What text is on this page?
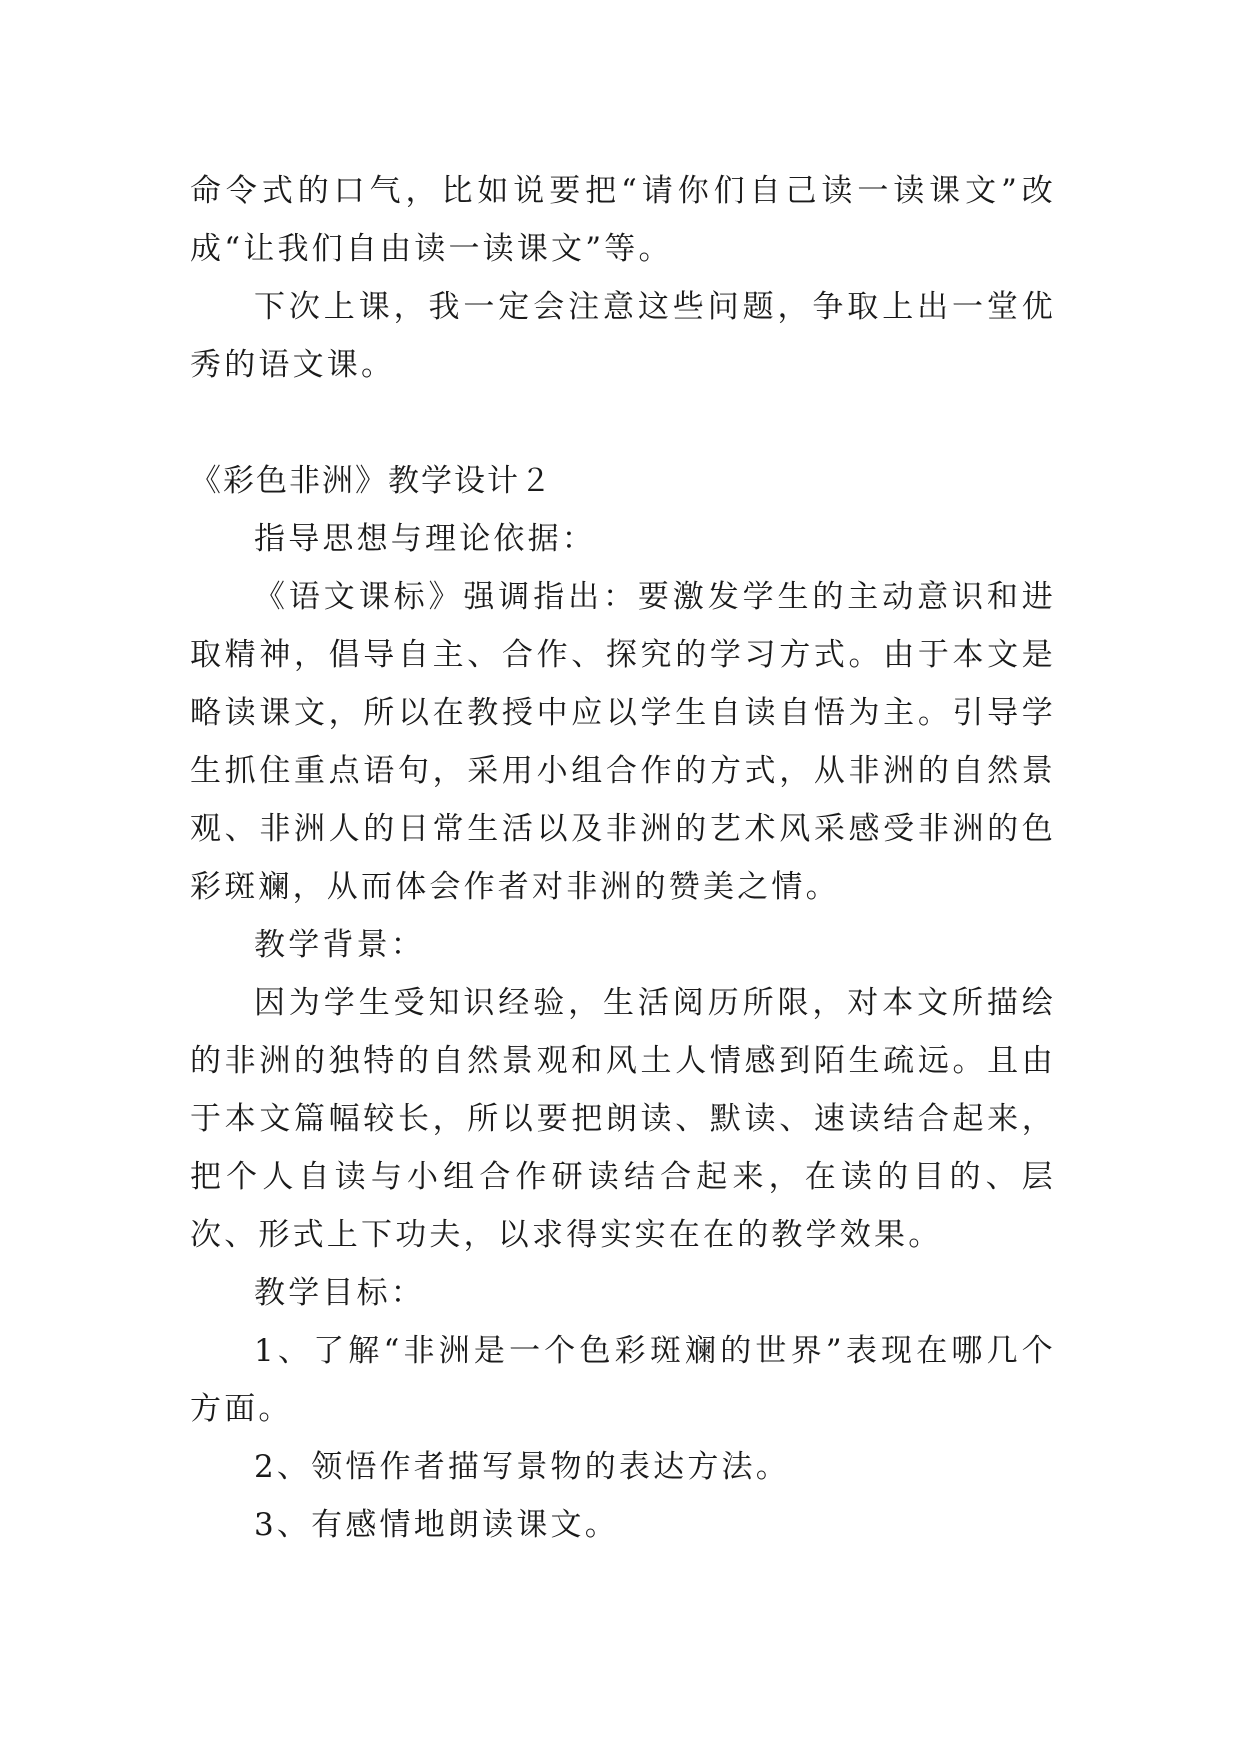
命令式的口气，比如说要把“请你们自己读一读课文”改成“让我们自由读一读课文”等。

下次上课，我一定会注意这些问题，争取上出一堂优秀的语文课。

《彩色非洲》教学设计２

指导思想与理论依据：

《语文课标》强调指出：要激发学生的主动意识和进取精神，倡导自主、合作、探究的学习方式。由于本文是略读课文，所以在教授中应以学生自读自悟为主。引导学生抓住重点语句，采用小组合作的方式，从非洲的自然景观、非洲人的日常生活以及非洲的艺术风采感受非洲的色彩斑斓，从而体会作者对非洲的赞美之情。

教学背景：

因为学生受知识经验，生活阅历所限，对本文所描绘的非洲的独特的自然景观和风土人情感到陌生疏远。且由于本文篇幅较长，所以要把朗读、默读、速读结合起来，把个人自读与小组合作研读结合起来，在读的目的、层次、形式上下功夫，以求得实实在在的教学效果。

教学目标：

1、了解“非洲是一个色彩斑斓的世界”表现在哪几个方面。

2、领悟作者描写景物的表达方法。

3、有感情地朗读课文。
